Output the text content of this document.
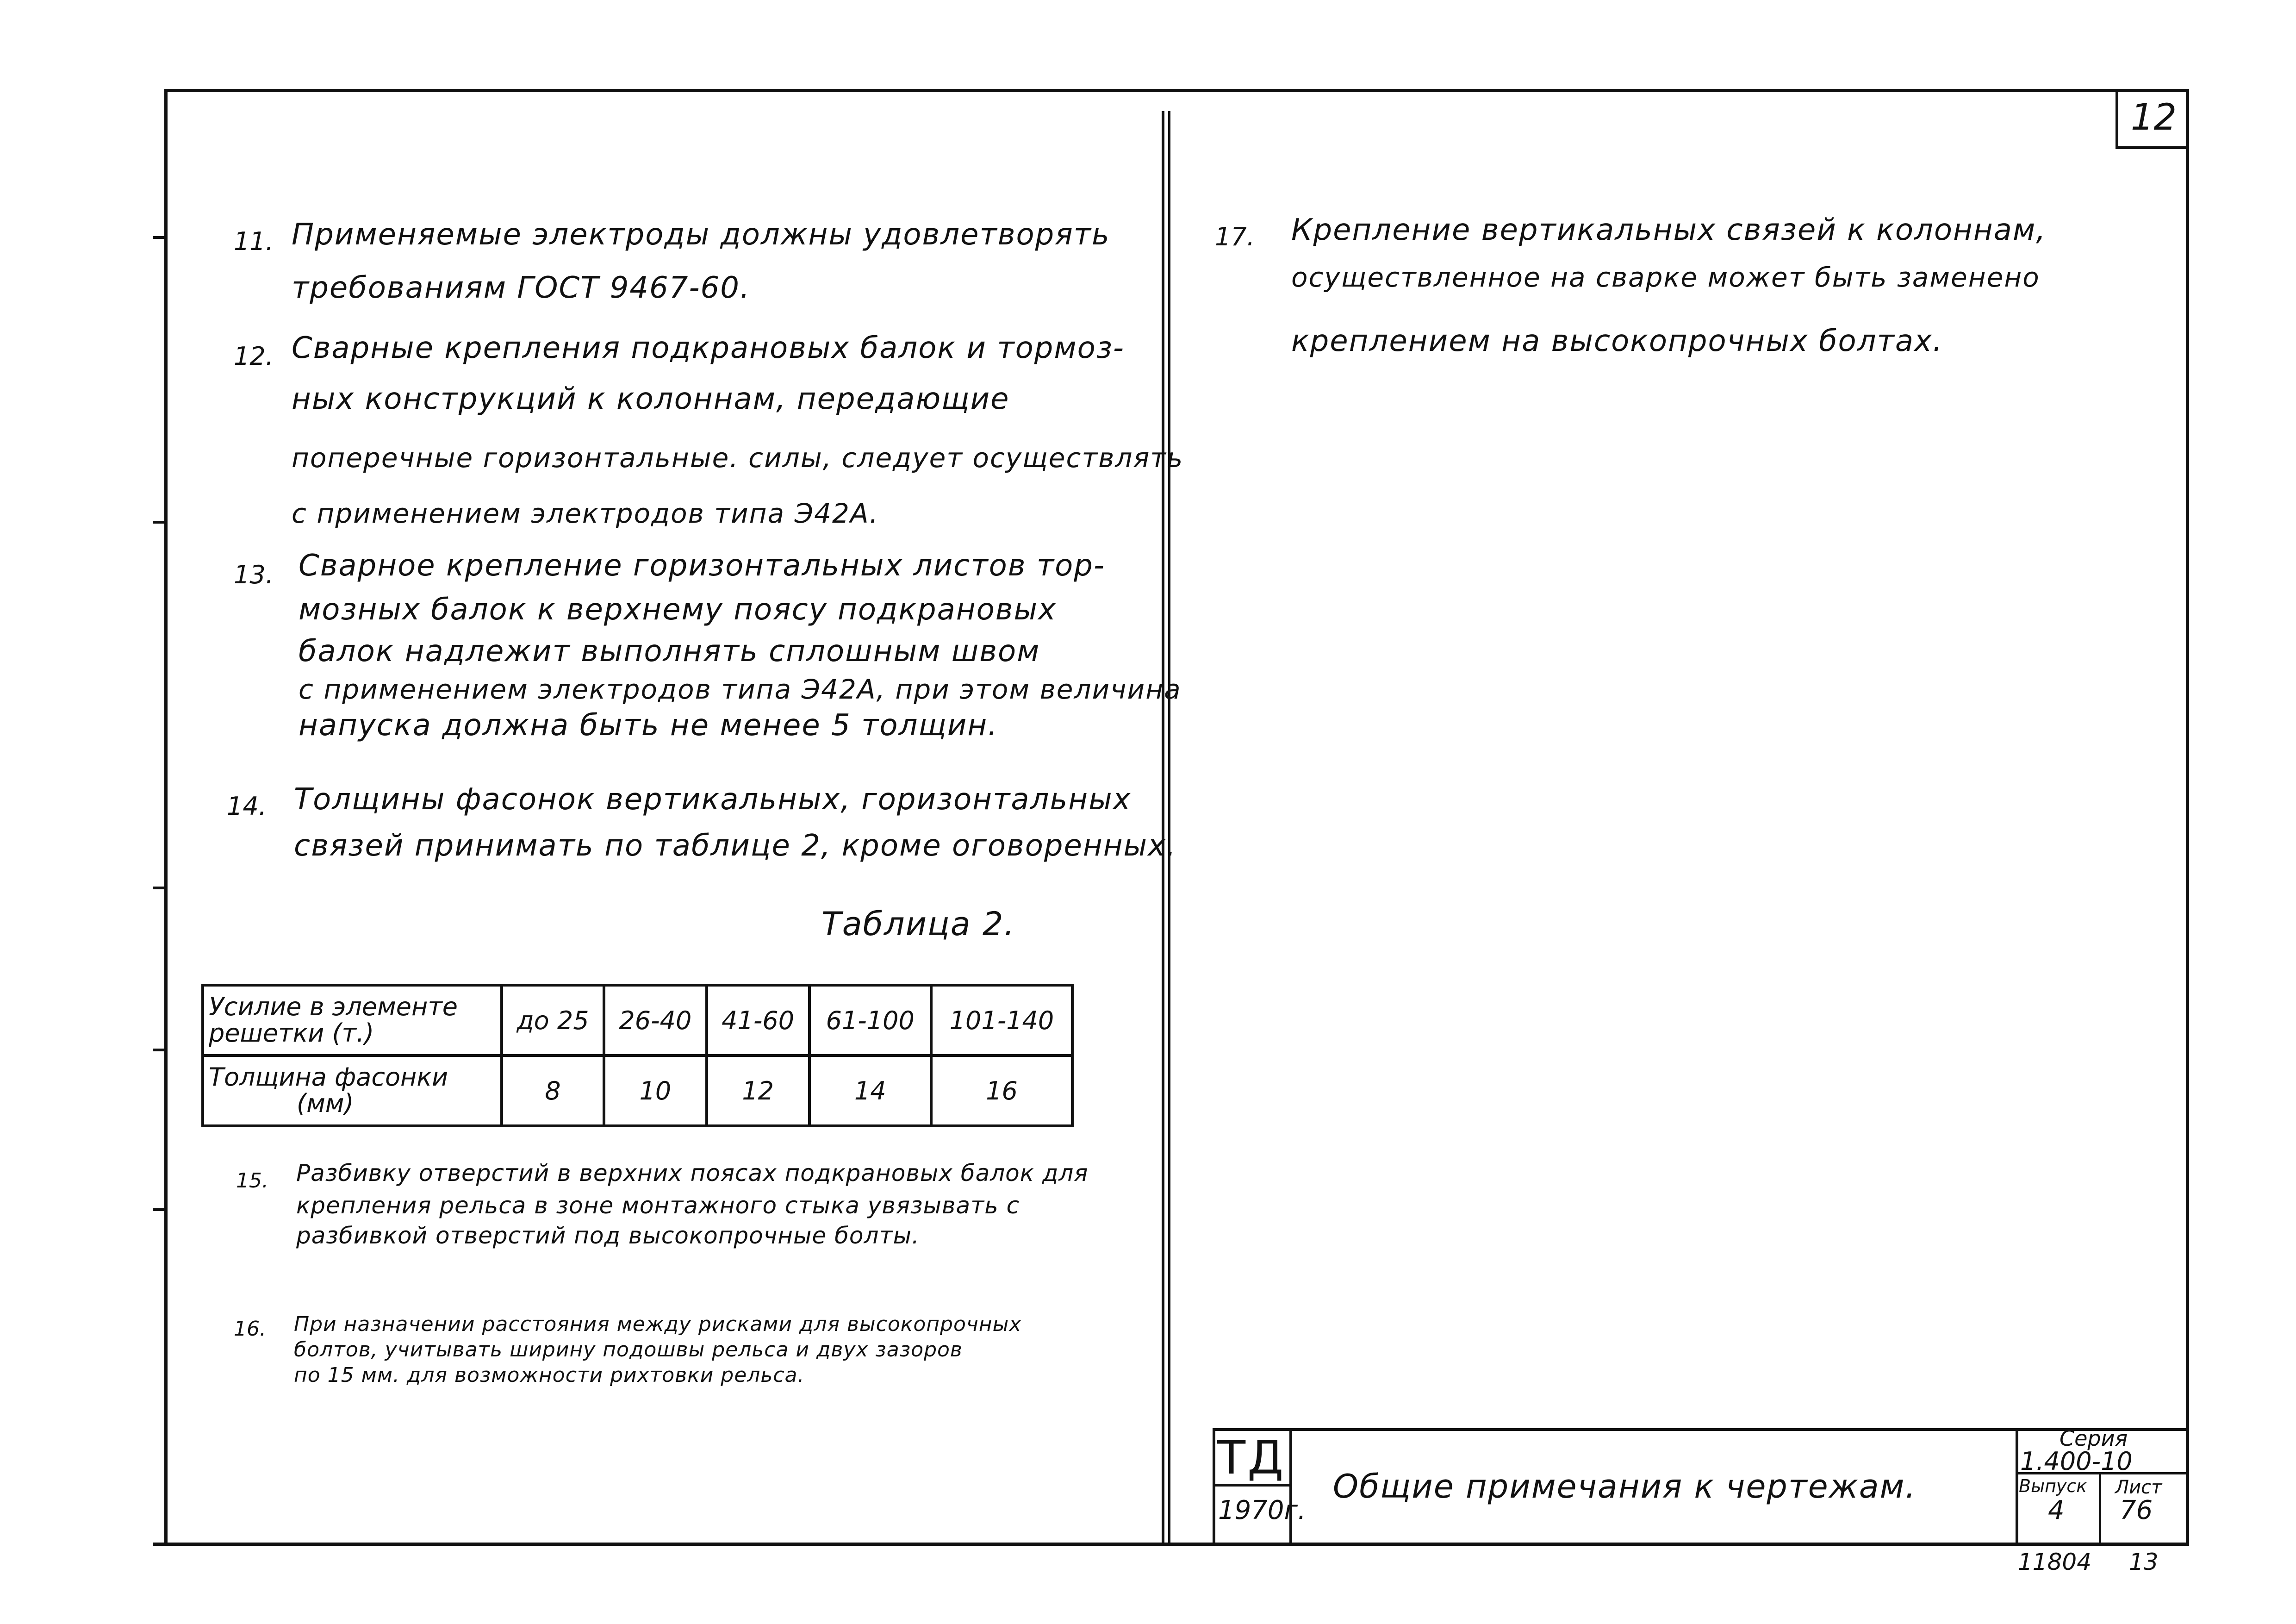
12
11. Применяемые электроды должны удовлетворять
требованиям ГОСТ 9467-60.
12. Сварные крепления подкрановых балок и тормоз-
ных конструкций к колоннам, передающие
поперечные горизонтальные. силы, следует осуществлять
с применением электродов типа Э42А.
13. Сварное крепление горизонтальных листов тор-
мозных балок к верхнему поясу подкрановых
балок надлежит выполнять сплошным швом
с применением электродов типа Э42А, при этом величина
напуска должна быть не менее 5 толщин.
14. Толщины фасонок вертикальных, горизонтальных
связей принимать по таблице 2, кроме оговоренных.
Таблица 2.
Усилие в элементе
решетки (т.)	до 25	26-40	41-60	61-100	101-140

Толщина фасонки
(мм)	8	10	12	14	16
15. Разбивку отверстий в верхних поясах подкрановых балок для
крепления рельса в зоне монтажного стыка увязывать с
разбивкой отверстий под высокопрочные болты.
16. При назначении расстояния между рисками для высокопрочных
болтов, учитывать ширину подошвы рельса и двух зазоров
по 15 мм. для возможности рихтовки рельса.
17. Крепление вертикальных связей к колоннам,
осуществленное на сварке может быть заменено
креплением на высокопрочных болтах.
ТД
1970г.
Общие примечания к чертежам.
Серия
1.400-10
Выпуск
4
Лист
76
11804 13
